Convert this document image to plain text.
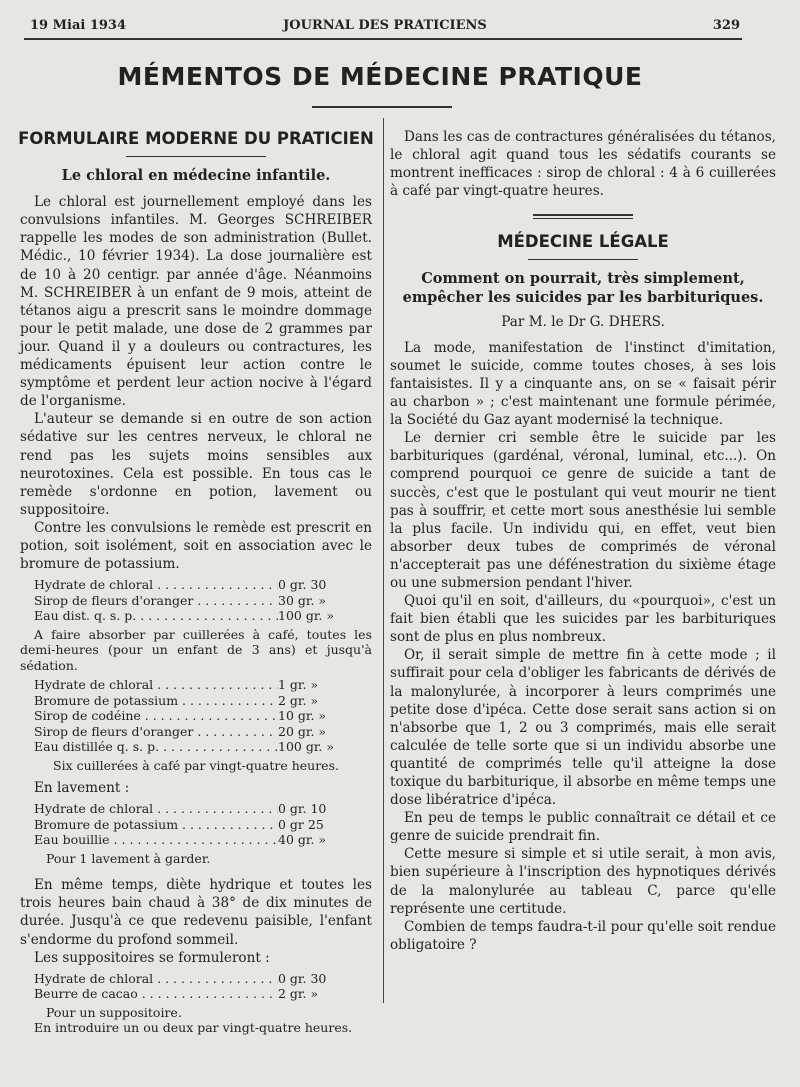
19 Miai 1934	JOURNAL DES PRATICIENS	329
MÉMENTOS DE MÉDECINE PRATIQUE
FORMULAIRE MODERNE DU PRATICIEN
Le chloral en médecine infantile.

Le chloral est journellement employé dans les convulsions infantiles. M. Georges SCHREIBER rappelle les modes de son administration (Bullet. Médic., 10 février 1934). La dose journalière est de 10 à 20 centigr. par année d'âge. Néanmoins M. SCHREIBER à un enfant de 9 mois, atteint de tétanos aigu a prescrit sans le moindre dommage pour le petit malade, une dose de 2 grammes par jour. Quand il y a douleurs ou contractures, les médicaments épuisent leur action contre le symptôme et perdent leur action nocive à l'égard de l'organisme.

L'auteur se demande si en outre de son action sédative sur les centres nerveux, le chloral ne rend pas les sujets moins sensibles aux neurotoxines. Cela est possible. En tous cas le remède s'ordonne en potion, lavement ou suppositoire.

Contre les convulsions le remède est prescrit en potion, soit isolément, soit en association avec le bromure de potassium.

Hydrate de chloral . . .	0 gr. 30
Sirop de fleurs d'oranger . . .	30 gr. »
Eau dist. q. s. p. . . .	100 gr. »
A faire absorber par cuillerées à café, toutes les demi-heures (pour un enfant de 3 ans) et jusqu'à sédation.
Hydrate de chloral . . .	1 gr. »
Bromure de potassium . . .	2 gr. »
Sirop de codéine . . .	10 gr. »
Sirop de fleurs d'oranger . . .	20 gr. »
Eau distillée q. s. p. . . .	100 gr. »
Six cuillerées à café par vingt-quatre heures.

En lavement :

Hydrate de chloral . . .	0 gr. 10
Bromure de potassium . . .	0 gr 25
Eau bouillie . . .	40 gr. »
Pour 1 lavement à garder.

En même temps, diète hydrique et toutes les trois heures bain chaud à 38° de dix minutes de durée. Jusqu'à ce que redevenu paisible, l'enfant s'endorme du profond sommeil.

Les suppositoires se formuleront :

Hydrate de chloral . . .	0 gr. 30
Beurre de cacao . . .	2 gr. »
Pour un suppositoire.
En introduire un ou deux par vingt-quatre heures.

Dans les cas de contractures généralisées du tétanos, le chloral agit quand tous les sédatifs courants se montrent inefficaces : sirop de chloral : 4 à 6 cuillerées à café par vingt-quatre heures.

MÉDECINE LÉGALE
Comment on pourrait, très simplement, empêcher les suicides par les barbituriques.
Par M. le Dr G. DHERS.

La mode, manifestation de l'instinct d'imitation, soumet le suicide, comme toutes choses, à ses lois fantaisistes. Il y a cinquante ans, on se « faisait périr au charbon » ; c'est maintenant une formule périmée, la Société du Gaz ayant modernisé la technique.

Le dernier cri semble être le suicide par les barbituriques (gardénal, véronal, luminal, etc...). On comprend pourquoi ce genre de suicide a tant de succès, c'est que le postulant qui veut mourir ne tient pas à souffrir, et cette mort sous anesthésie lui semble la plus facile. Un individu qui, en effet, veut bien absorber deux tubes de comprimés de véronal n'accepterait pas une défénestration du sixième étage ou une submersion pendant l'hiver.

Quoi qu'il en soit, d'ailleurs, du «pourquoi», c'est un fait bien établi que les suicides par les barbituriques sont de plus en plus nombreux.

Or, il serait simple de mettre fin à cette mode ; il suffirait pour cela d'obliger les fabricants de dérivés de la malonylurée, à incorporer à leurs comprimés une petite dose d'ipéca. Cette dose serait sans action si on n'absorbe que 1, 2 ou 3 comprimés, mais elle serait calculée de telle sorte que si un individu absorbe une quantité de comprimés telle qu'il atteigne la dose toxique du barbiturique, il absorbe en même temps une dose libératrice d'ipéca.

En peu de temps le public connaîtrait ce détail et ce genre de suicide prendrait fin.

Cette mesure si simple et si utile serait, à mon avis, bien supérieure à l'inscription des hypnotiques dérivés de la malonylurée au tableau C, parce qu'elle représente une certitude.

Combien de temps faudra-t-il pour qu'elle soit rendue obligatoire ?
